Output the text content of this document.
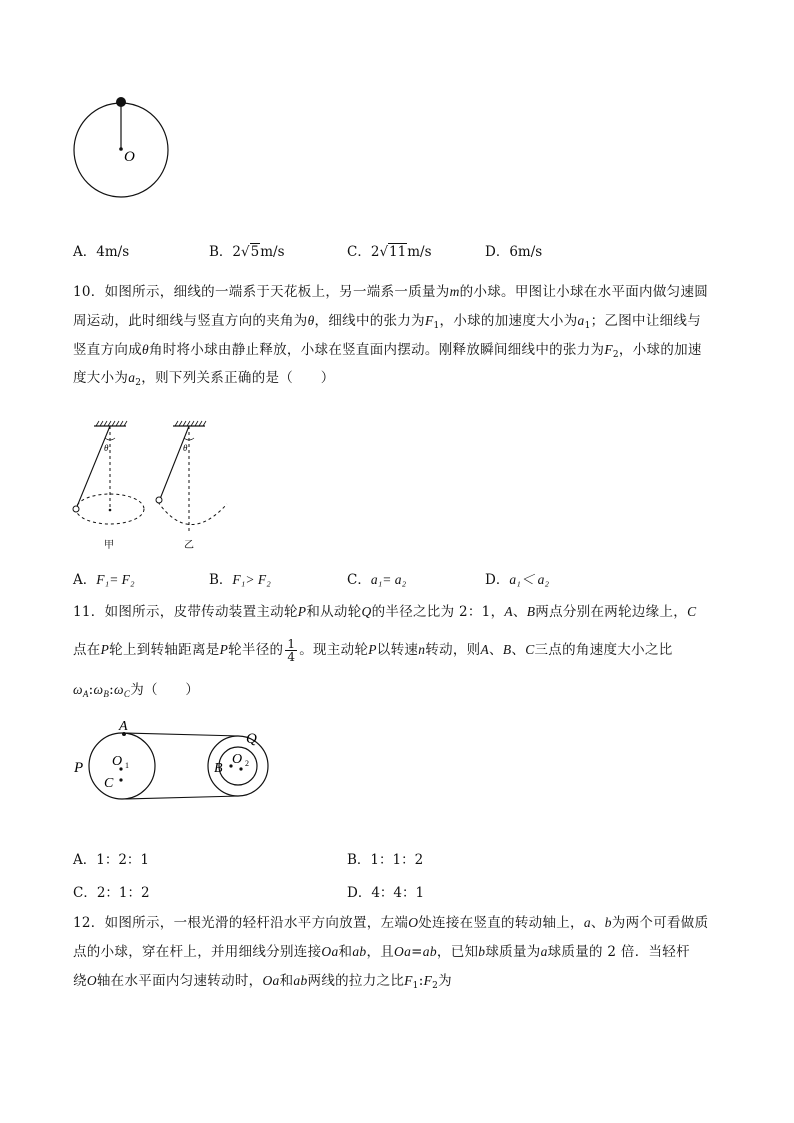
O
A．4m/s	B．2√5m/s	C．2√11m/s	D．6m/s
10．如图所示，细线的一端系于天花板上，另一端系一质量为m的小球。甲图让小球在水平面内做匀速圆
周运动，此时细线与竖直方向的夹角为θ，细线中的张力为$F_1$，小球的加速度大小为$a_1$；乙图中让细线与
竖直方向成θ角时将小球由静止释放，小球在竖直面内摆动。刚释放瞬间细线中的张力为$F_2$，小球的加速
度大小为$a_2$，则下列关系正确的是（　　）
θ
甲
θ
乙
A．F₁= F₂	B．F₁> F₂	C．a₁= a₂	D．a₁＜ a₂
11．如图所示，皮带传动装置主动轮P和从动轮Q的半径之比为 2：1，A、B两点分别在两轮边缘上，C
点在P轮上到转轴距离是P轮半径的 $\frac{1}{4}$ 。现主动轮P以转速n转动，则A、B、C三点的角速度大小之比
$\omega_A:\omega_B:\omega_C$为（　　）
A
P O 1
C
Q
B
O 2
A．1：2：1	B．1：1：2
C．2：1：2	D．4：4：1
12．如图所示，一根光滑的轻杆沿水平方向放置，左端O处连接在竖直的转动轴上，a、b为两个可看做质
点的小球，穿在杆上，并用细线分别连接Oa和ab，且Oa=ab，已知b球质量为a球质量的 2 倍．当轻杆
绕O轴在水平面内匀速转动时，Oa和ab两线的拉力之比$F_1:F_2$为
